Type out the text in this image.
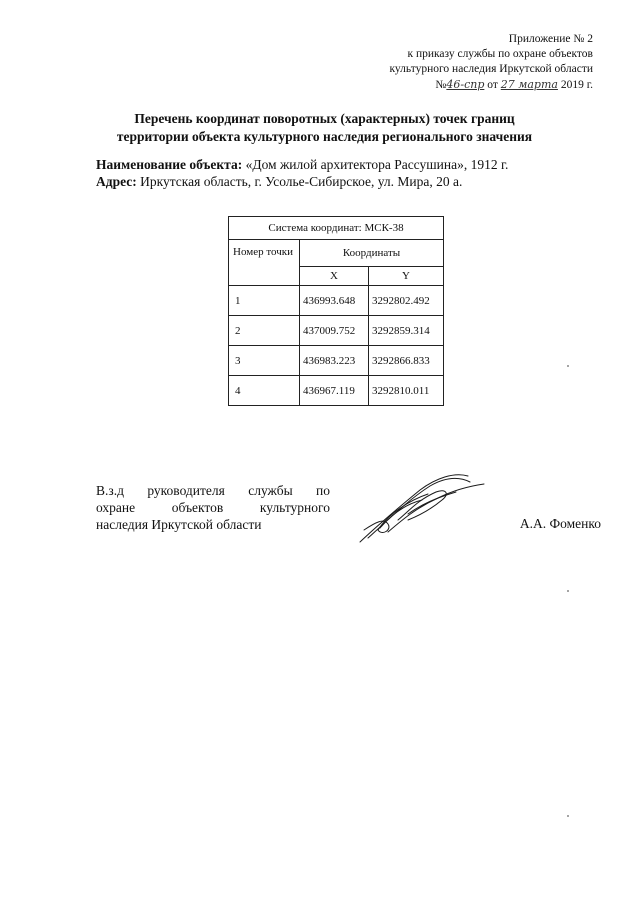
Приложение № 2
к приказу службы по охране объектов
культурного наследия Иркутской области
№46-спр от 27 марта 2019 г.
Перечень координат поворотных (характерных) точек границ
территории объекта культурного наследия регионального значения
Наименование объекта: «Дом жилой архитектора Рассушина», 1912 г.
Адрес: Иркутская область, г. Усолье-Сибирское, ул. Мира, 20 а.
Система координат: МСК-38		
Номер точки	Координаты	
	X	Y
1	436993.648	3292802.492
2	437009.752	3292859.314
3	436983.223	3292866.833
4	436967.119	3292810.011
В.з.д руководителя службы по
охране	объектов	культурного
наследия Иркутской области	А.А. Фоменко
